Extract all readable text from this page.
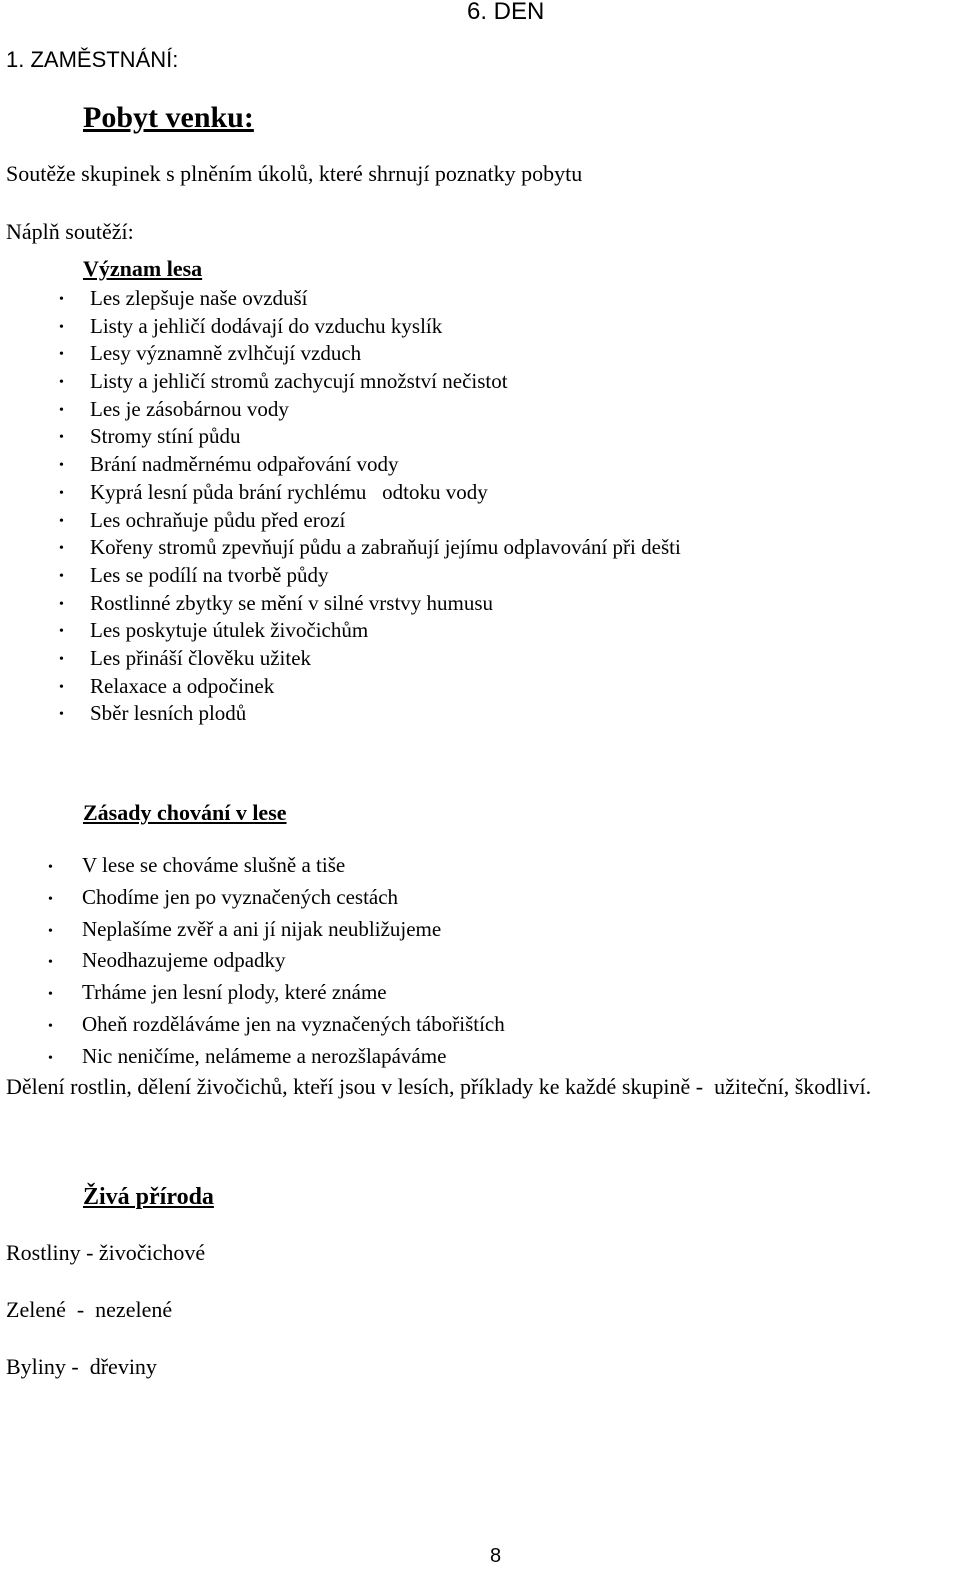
6. DEN
1. ZAMĚSTNÁNÍ:
Pobyt venku:

Soutěže skupinek s plněním úkolů, které shrnují poznatky pobytu

Náplň soutěží:

Význam lesa
• Les zlepšuje naše ovzduší
• Listy a jehličí dodávají do vzduchu kyslík
• Lesy významně zvlhčují vzduch
• Listy a jehličí stromů zachycují množství nečistot
• Les je zásobárnou vody
• Stromy stíní půdu
• Brání nadměrnému odpařování vody
• Kyprá lesní půda brání rychlému   odtoku vody
• Les ochraňuje půdu před erozí
• Kořeny stromů zpevňují půdu a zabraňují jejímu odplavování při dešti
• Les se podílí na tvorbě půdy
• Rostlinné zbytky se mění v silné vrstvy humusu
• Les poskytuje útulek živočichům
• Les přináší člověku užitek
• Relaxace a odpočinek
• Sběr lesních plodů
Zásady chování v lese
• V lese se chováme slušně a tiše
• Chodíme jen po vyznačených cestách
• Neplašíme zvěř a ani jí nijak neubližujeme
• Neodhazujeme odpadky
• Trháme jen lesní plody, které známe
• Oheň rozděláváme jen na vyznačených tábořištích
• Nic neničíme, nelámeme a nerozšlapáváme

Dělení rostlin, dělení živočichů, kteří jsou v lesích, příklady ke každé skupině -  užiteční, škodliví.

Živá příroda

Rostliny - živočichové

Zelené  -  nezelené

Byliny -  dřeviny

8
